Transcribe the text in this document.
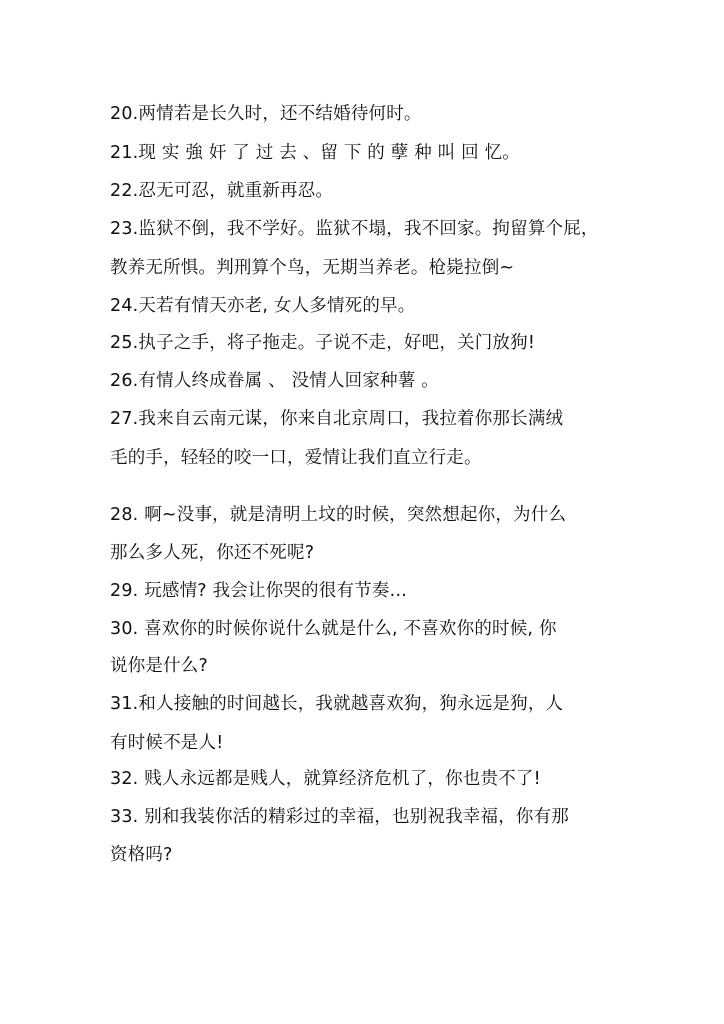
20.两情若是长久时，还不结婚待何时。
21.现 实 強 奸 了 过 去 、留 下 的 孽 种 叫 回 忆。
22.忍无可忍，就重新再忍。
23.监狱不倒，我不学好。监狱不塌，我不回家。拘留算个屁，
教养无所惧。判刑算个鸟，无期当养老。枪毙拉倒~
24.天若有情天亦老, 女人多情死的早。
25.执子之手，将子拖走。子说不走，好吧，关门放狗!
26.有情人终成眷属 、 没情人回家种薯 。
27.我来自云南元谋，你来自北京周口，我拉着你那长满绒
毛的手，轻轻的咬一口，爱情让我们直立行走。
28. 啊~没事，就是清明上坟的时候，突然想起你，为什么
那么多人死，你还不死呢?
29. 玩感情? 我会让你哭的很有节奏…
30. 喜欢你的时候你说什么就是什么, 不喜欢你的时候, 你
说你是什么?
31.和人接触的时间越长，我就越喜欢狗，狗永远是狗，人
有时候不是人!
32. 贱人永远都是贱人，就算经济危机了，你也贵不了!
33. 别和我装你活的精彩过的幸福，也别祝我幸福，你有那
资格吗?
